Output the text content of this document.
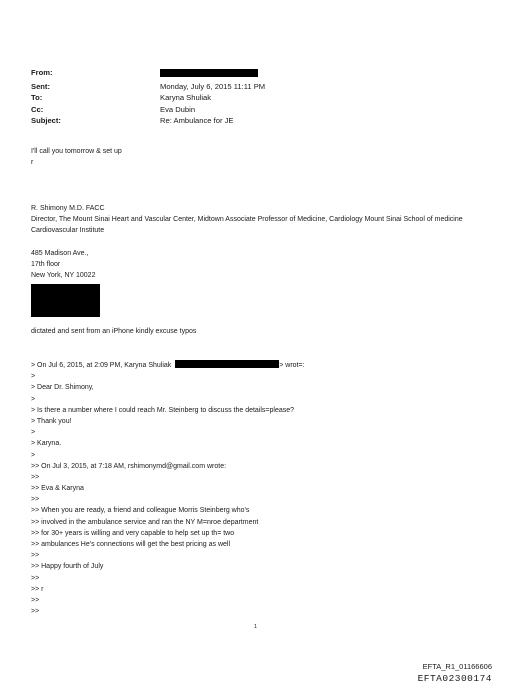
From:
Sent:	Monday, July 6, 2015 11:11 PM
To:	Karyna Shuliak
Cc:	Eva Dubin
Subject:	Re: Ambulance for JE
I'll call you tomorrow & set up
r
R. Shimony M.D. FACC
Director, The Mount Sinai Heart and Vascular Center, Midtown Associate Professor of Medicine, Cardiology Mount Sinai School of medicine Cardiovascular Institute
485 Madison Ave.,
17th floor
New York, NY 10022
dictated and sent from an iPhone kindly excuse typos
> On Jul 6, 2015, at 2:09 PM, Karyna Shuliak	> wrot=:
>
> Dear Dr. Shimony,
>
> Is there a number where I could reach Mr. Steinberg to discuss the details=please?
> Thank you!
>
> Karyna.
>
>> On Jul 3, 2015, at 7:18 AM, rshimonymd@gmail.com wrote:
>>
>> Eva & Karyna
>>
>> When you are ready, a friend and colleague Morris Steinberg who's
>> involved in the ambulance service and ran the NY M=nroe department
>> for 30+ years is willing and very capable to help set up th= two
>> ambulances He's connections will get the best pricing as well
>>
>> Happy fourth of July
>>
>> r
>>
>>
1
EFTA_R1_01166606
EFTA02300174
